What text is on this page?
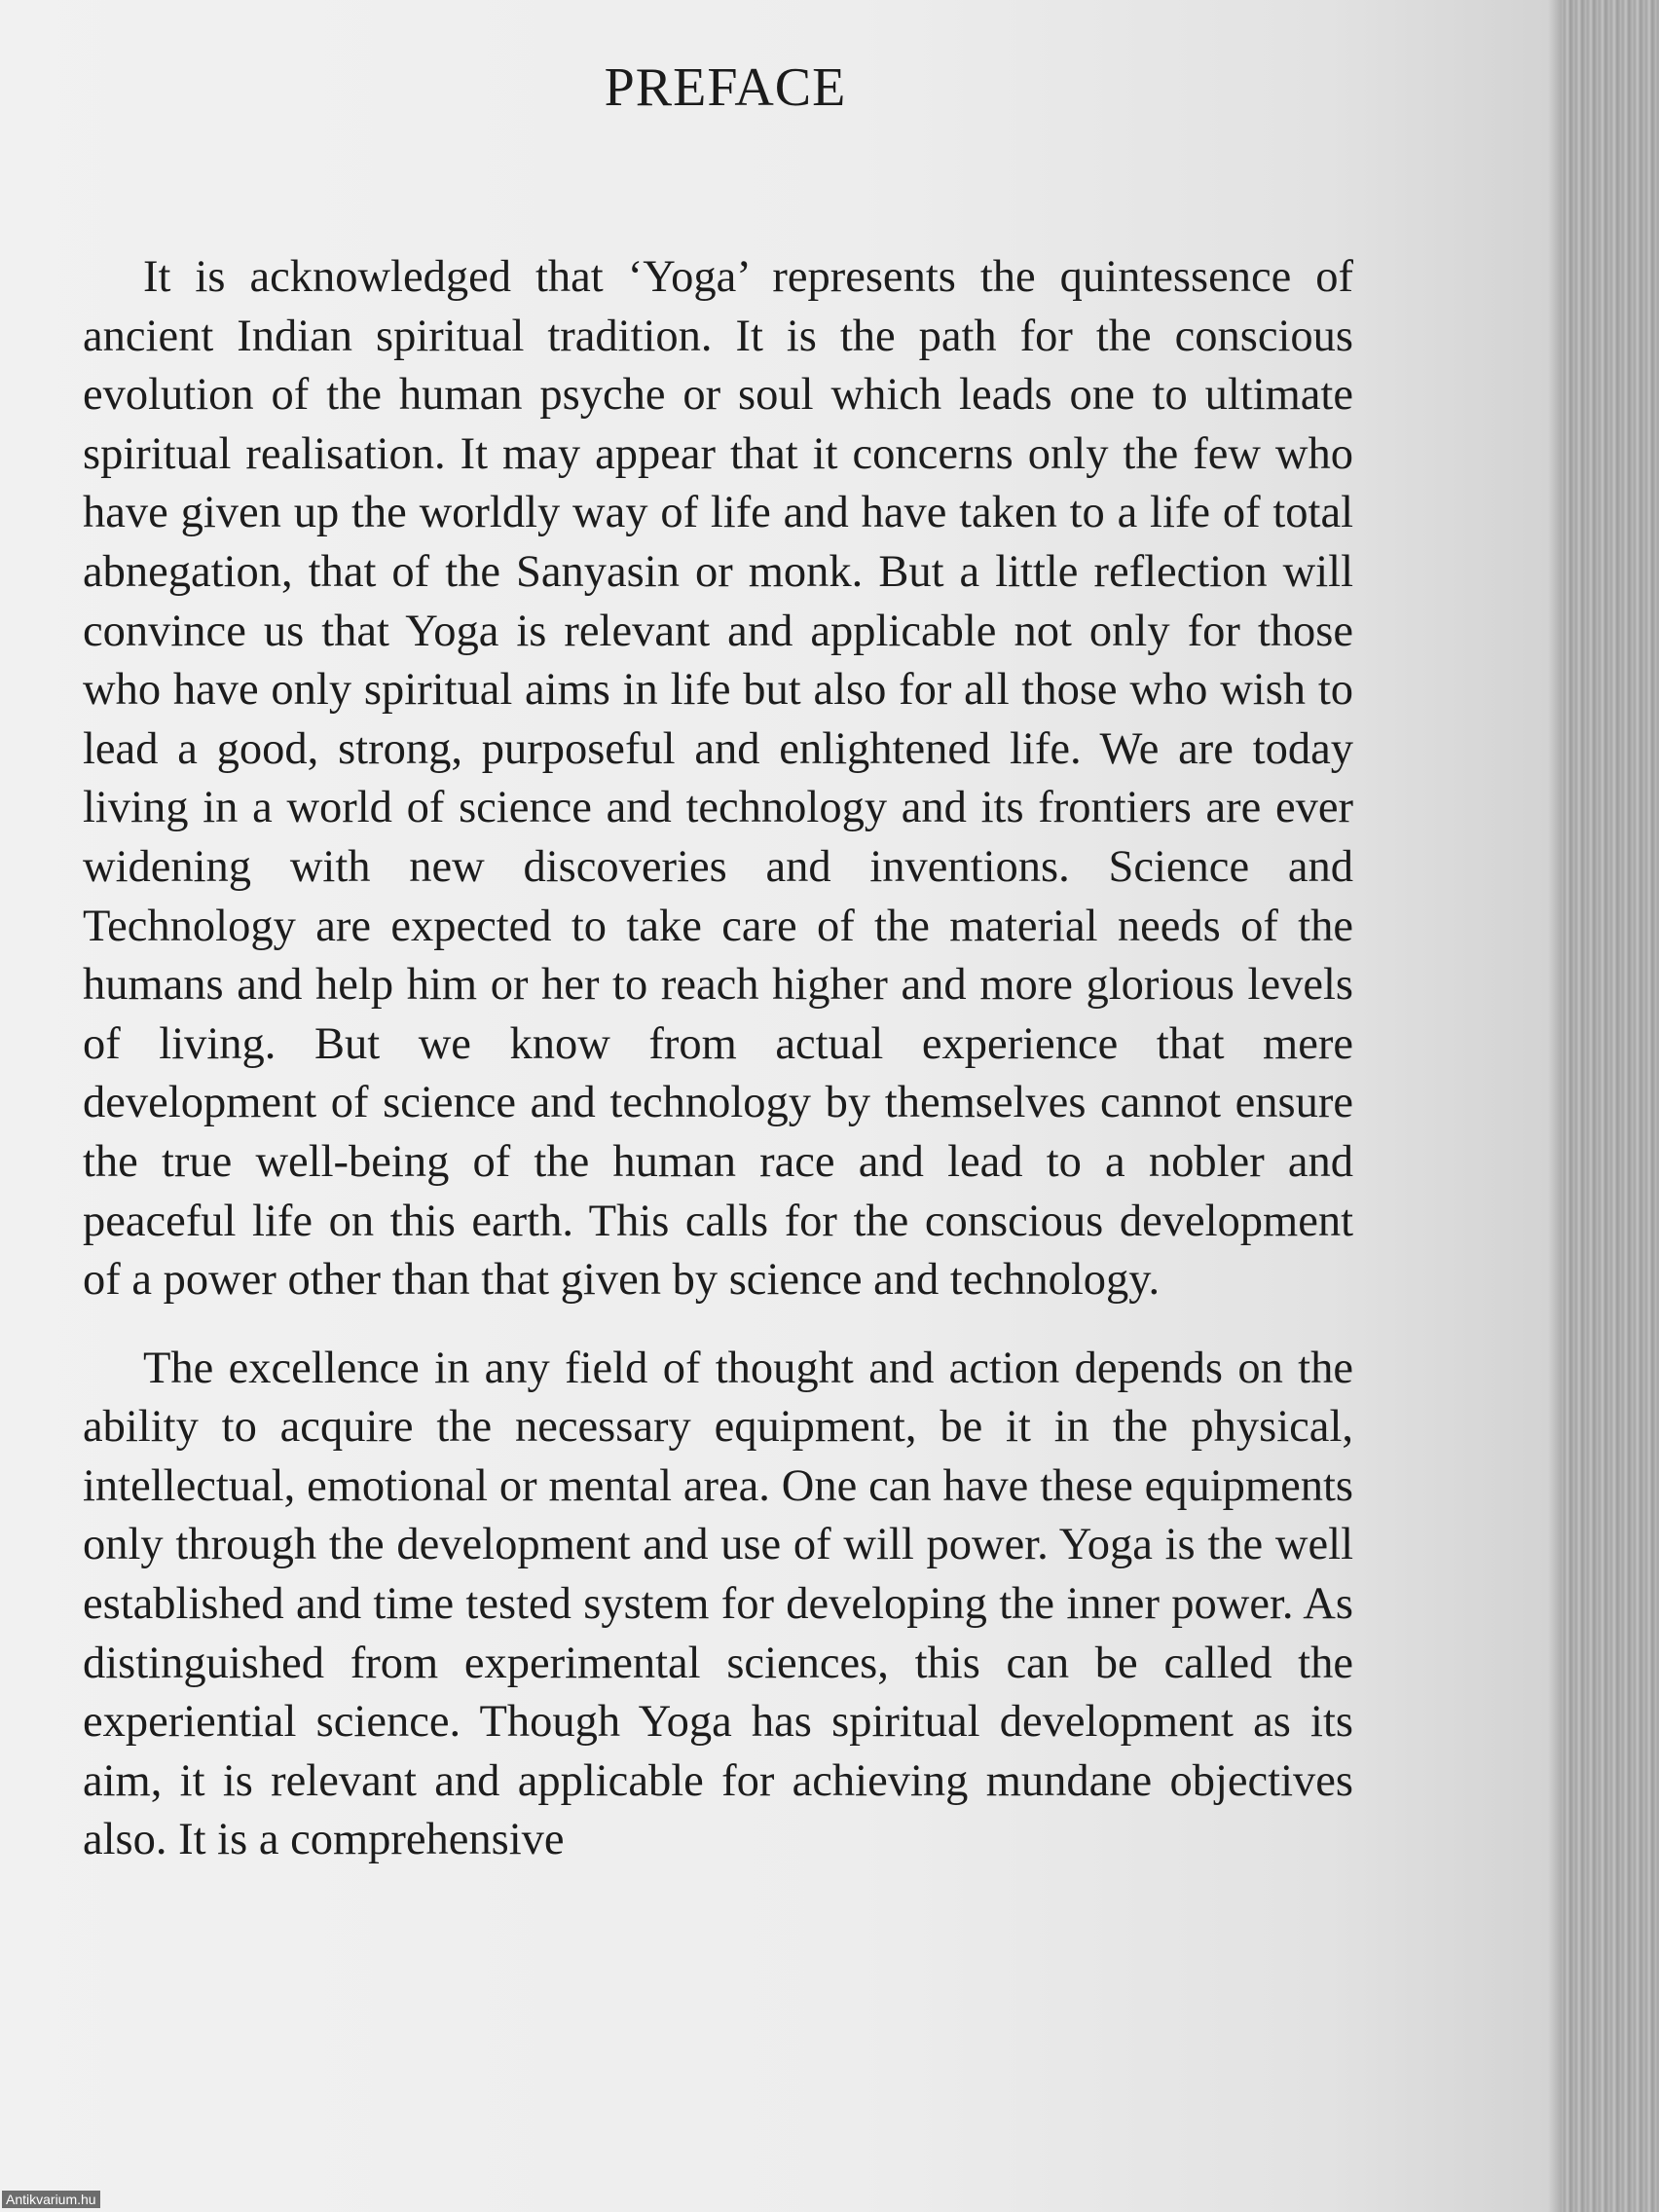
PREFACE

It is acknowledged that ‘Yoga’ represents the quintessence of ancient Indian spiritual tradition. It is the path for the conscious evolution of the human psyche or soul which leads one to ultimate spiritual realisation. It may appear that it concerns only the few who have given up the worldly way of life and have taken to a life of total abnegation, that of the Sanyasin or monk. But a little reflection will convince us that Yoga is relevant and applicable not only for those who have only spiritual aims in life but also for all those who wish to lead a good, strong, purposeful and enlightened life. We are today living in a world of science and technology and its frontiers are ever widening with new discoveries and inventions. Science and Technology are expected to take care of the material needs of the humans and help him or her to reach higher and more glorious levels of living. But we know from actual experience that mere development of science and technology by themselves cannot ensure the true well-being of the human race and lead to a nobler and peaceful life on this earth. This calls for the conscious development of a power other than that given by science and technology.

The excellence in any field of thought and action depends on the ability to acquire the necessary equipment, be it in the physical, intellectual, emotional or mental area. One can have these equipments only through the development and use of will power. Yoga is the well established and time tested system for developing the inner power. As distinguished from experimental sciences, this can be called the experiential science. Though Yoga has spiritual development as its aim, it is relevant and applicable for achieving mundane objectives also. It is a comprehensive

Antikvarium.hu
